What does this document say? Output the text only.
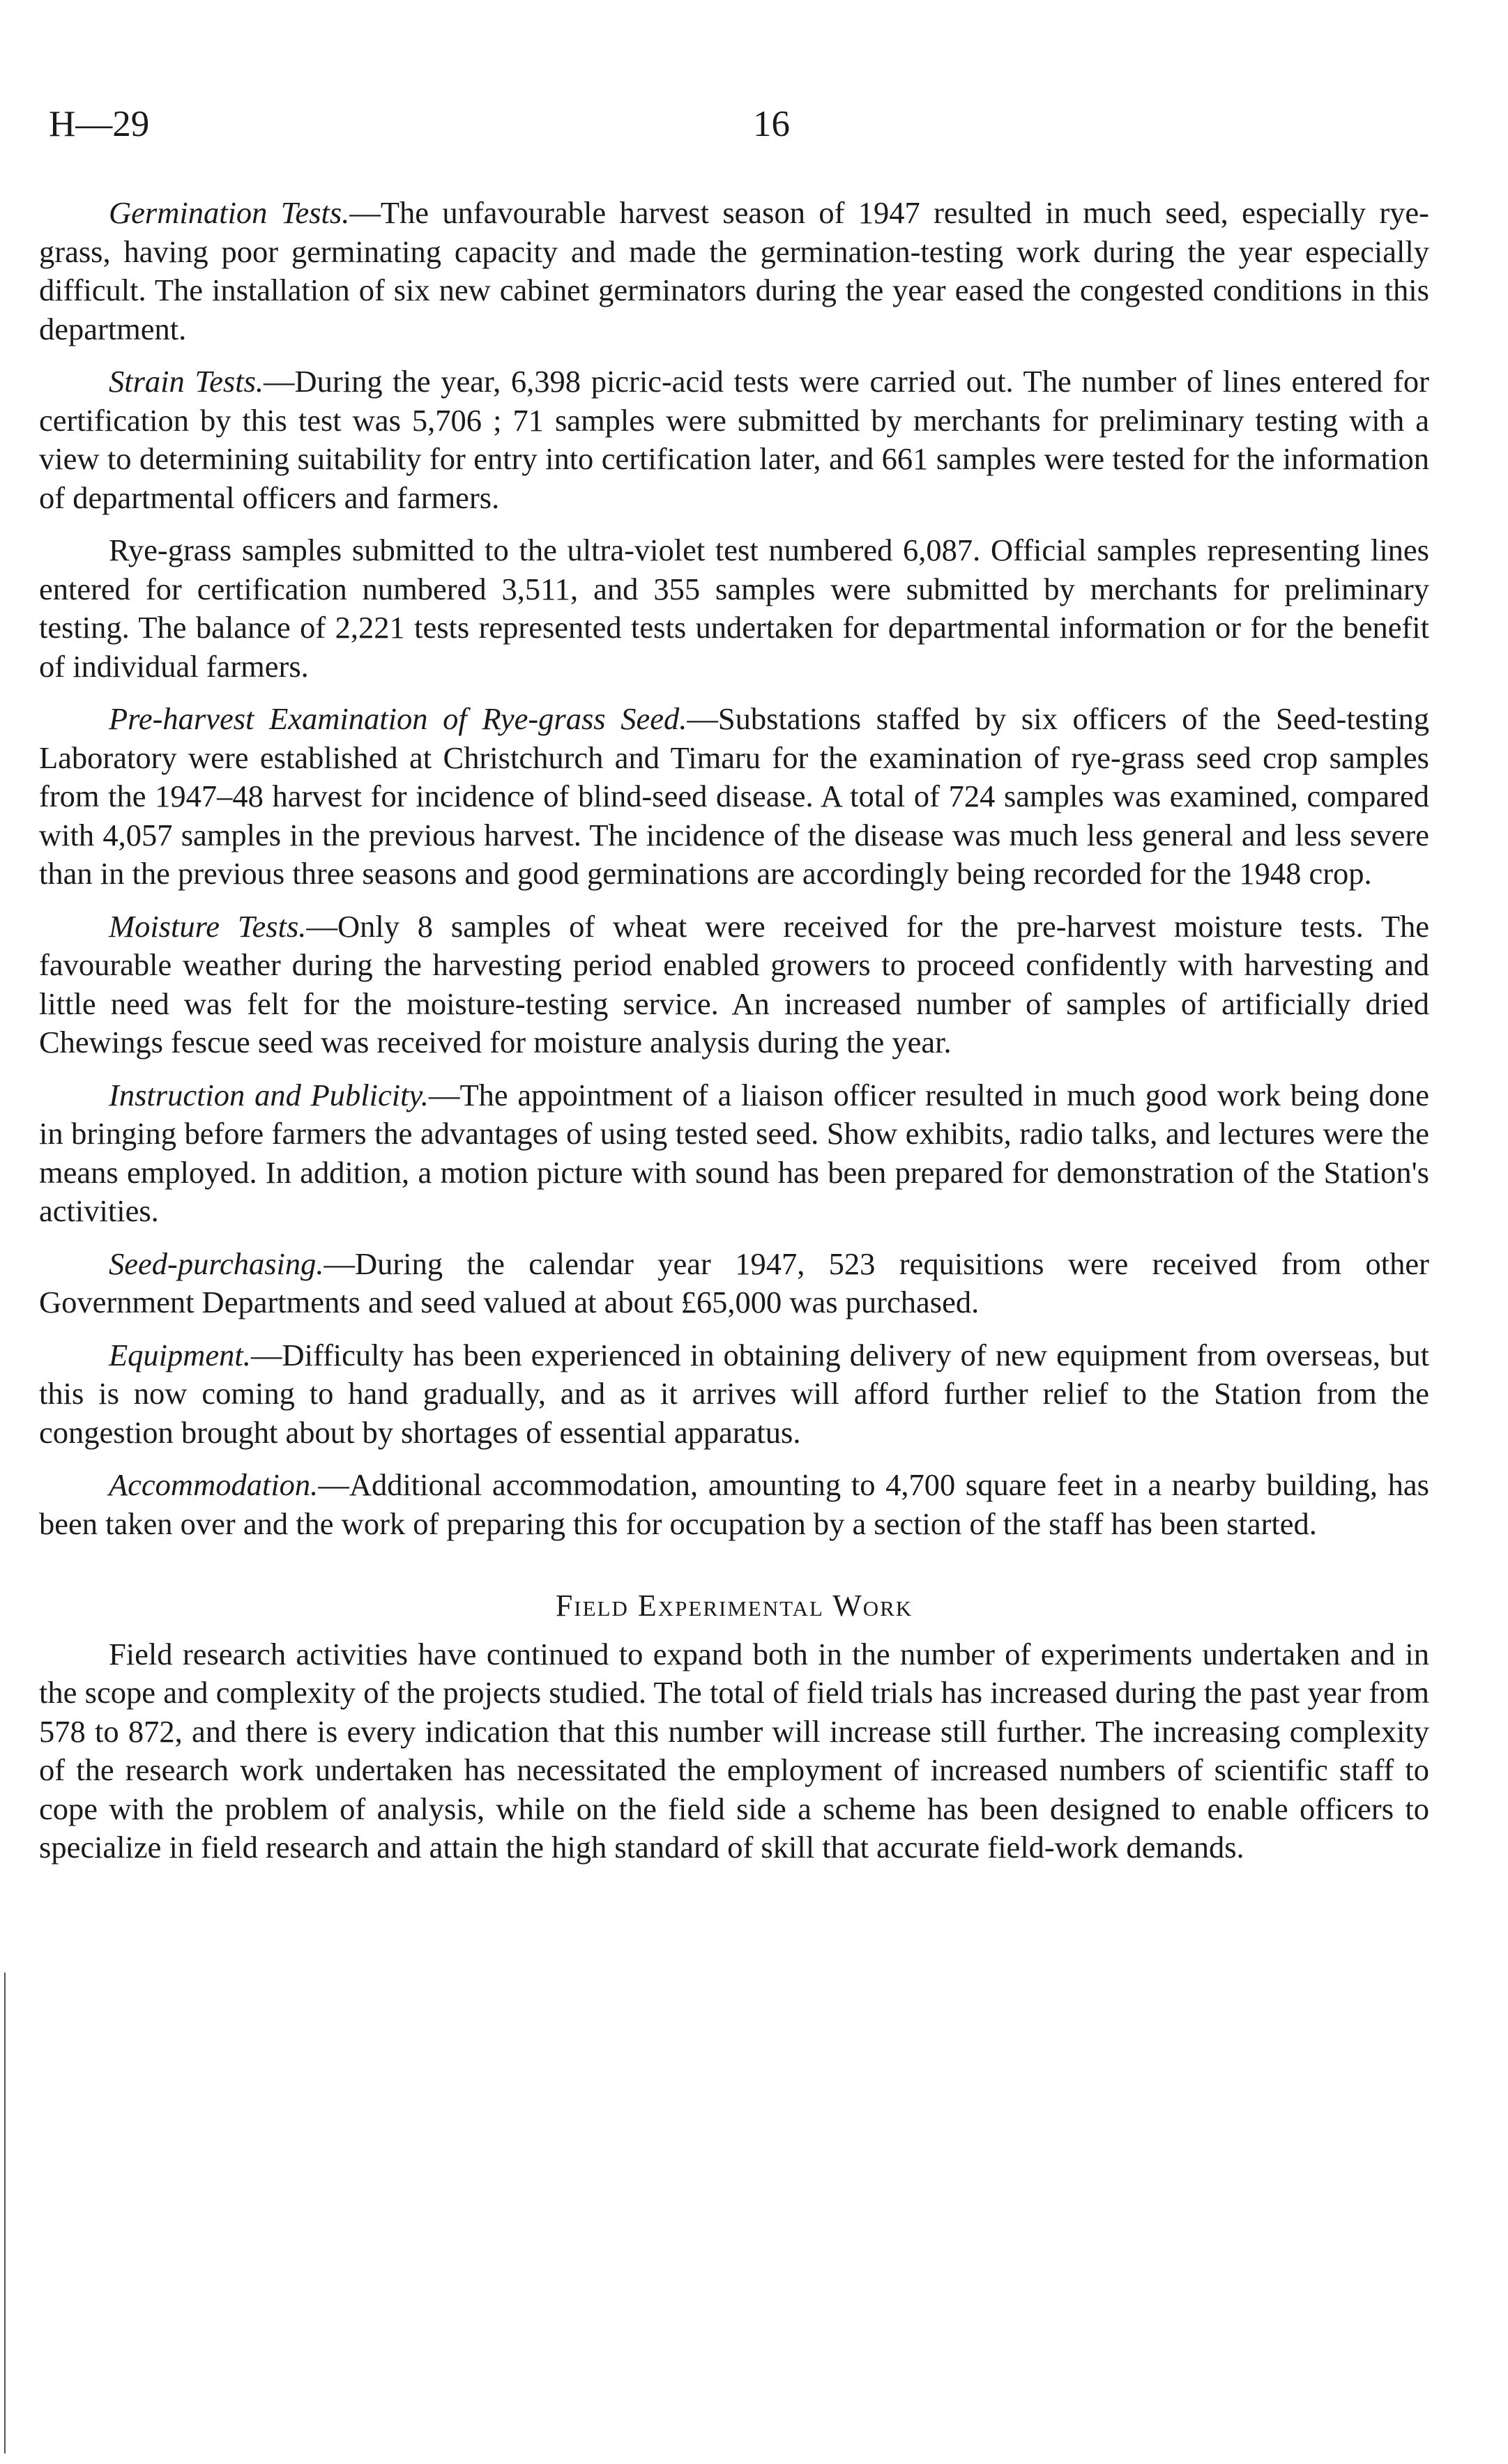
H—29	16

Germination Tests.—The unfavourable harvest season of 1947 resulted in much seed, especially rye-grass, having poor germinating capacity and made the germination-testing work during the year especially difficult. The installation of six new cabinet germinators during the year eased the congested conditions in this department.

Strain Tests.—During the year, 6,398 picric-acid tests were carried out. The number of lines entered for certification by this test was 5,706 ; 71 samples were submitted by merchants for preliminary testing with a view to determining suitability for entry into certification later, and 661 samples were tested for the information of departmental officers and farmers.

Rye-grass samples submitted to the ultra-violet test numbered 6,087. Official samples representing lines entered for certification numbered 3,511, and 355 samples were submitted by merchants for preliminary testing. The balance of 2,221 tests represented tests undertaken for departmental information or for the benefit of individual farmers.

Pre-harvest Examination of Rye-grass Seed.—Substations staffed by six officers of the Seed-testing Laboratory were established at Christchurch and Timaru for the examination of rye-grass seed crop samples from the 1947–48 harvest for incidence of blind-seed disease. A total of 724 samples was examined, compared with 4,057 samples in the previous harvest. The incidence of the disease was much less general and less severe than in the previous three seasons and good germinations are accordingly being recorded for the 1948 crop.

Moisture Tests.—Only 8 samples of wheat were received for the pre-harvest moisture tests. The favourable weather during the harvesting period enabled growers to proceed confidently with harvesting and little need was felt for the moisture-testing service. An increased number of samples of artificially dried Chewings fescue seed was received for moisture analysis during the year.

Instruction and Publicity.—The appointment of a liaison officer resulted in much good work being done in bringing before farmers the advantages of using tested seed. Show exhibits, radio talks, and lectures were the means employed. In addition, a motion picture with sound has been prepared for demonstration of the Station's activities.

Seed-purchasing.—During the calendar year 1947, 523 requisitions were received from other Government Departments and seed valued at about £65,000 was purchased.

Equipment.—Difficulty has been experienced in obtaining delivery of new equipment from overseas, but this is now coming to hand gradually, and as it arrives will afford further relief to the Station from the congestion brought about by shortages of essential apparatus.

Accommodation.—Additional accommodation, amounting to 4,700 square feet in a nearby building, has been taken over and the work of preparing this for occupation by a section of the staff has been started.

Field Experimental Work

Field research activities have continued to expand both in the number of experiments undertaken and in the scope and complexity of the projects studied. The total of field trials has increased during the past year from 578 to 872, and there is every indication that this number will increase still further. The increasing complexity of the research work undertaken has necessitated the employment of increased numbers of scientific staff to cope with the problem of analysis, while on the field side a scheme has been designed to enable officers to specialize in field research and attain the high standard of skill that accurate field-work demands.
